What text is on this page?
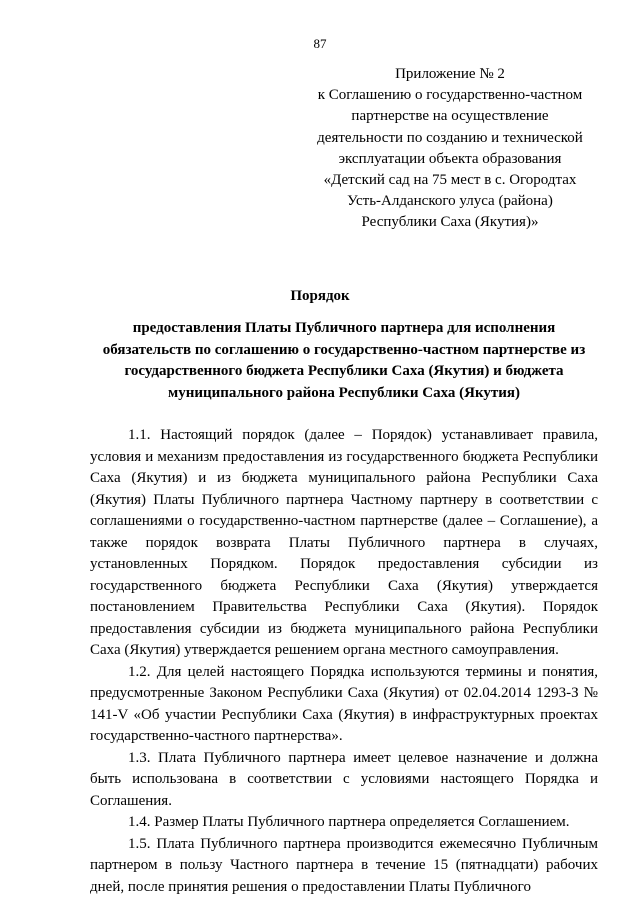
87
Приложение № 2
к Соглашению о государственно-частном
партнерстве на осуществление
деятельности по созданию и технической
эксплуатации объекта образования
«Детский сад на 75 мест в с. Огородтах
Усть-Алданского улуса (района)
Республики Саха (Якутия)»
Порядок
предоставления Платы Публичного партнера для исполнения
обязательств по соглашению о государственно-частном партнерстве из
государственного бюджета Республики Саха (Якутия) и бюджета
муниципального района Республики Саха (Якутия)

1.1. Настоящий порядок (далее – Порядок) устанавливает правила, условия и механизм предоставления из государственного бюджета Республики Саха (Якутия) и из бюджета муниципального района Республики Саха (Якутия) Платы Публичного партнера Частному партнеру в соответствии с соглашениями о государственно-частном партнерстве (далее – Соглашение), а также порядок возврата Платы Публичного партнера в случаях, установленных Порядком. Порядок предоставления субсидии из государственного бюджета Республики Саха (Якутия) утверждается постановлением Правительства Республики Саха (Якутия). Порядок предоставления субсидии из бюджета муниципального района Республики Саха (Якутия) утверждается решением органа местного самоуправления.

1.2. Для целей настоящего Порядка используются термины и понятия, предусмотренные Законом Республики Саха (Якутия) от 02.04.2014 1293-З № 141-V «Об участии Республики Саха (Якутия) в инфраструктурных проектах государственно-частного партнерства».

1.3. Плата Публичного партнера имеет целевое назначение и должна быть использована в соответствии с условиями настоящего Порядка и Соглашения.

1.4. Размер Платы Публичного партнера определяется Соглашением.

1.5. Плата Публичного партнера производится ежемесячно Публичным партнером в пользу Частного партнера в течение 15 (пятнадцати) рабочих дней, после принятия решения о предоставлении Платы Публичного
